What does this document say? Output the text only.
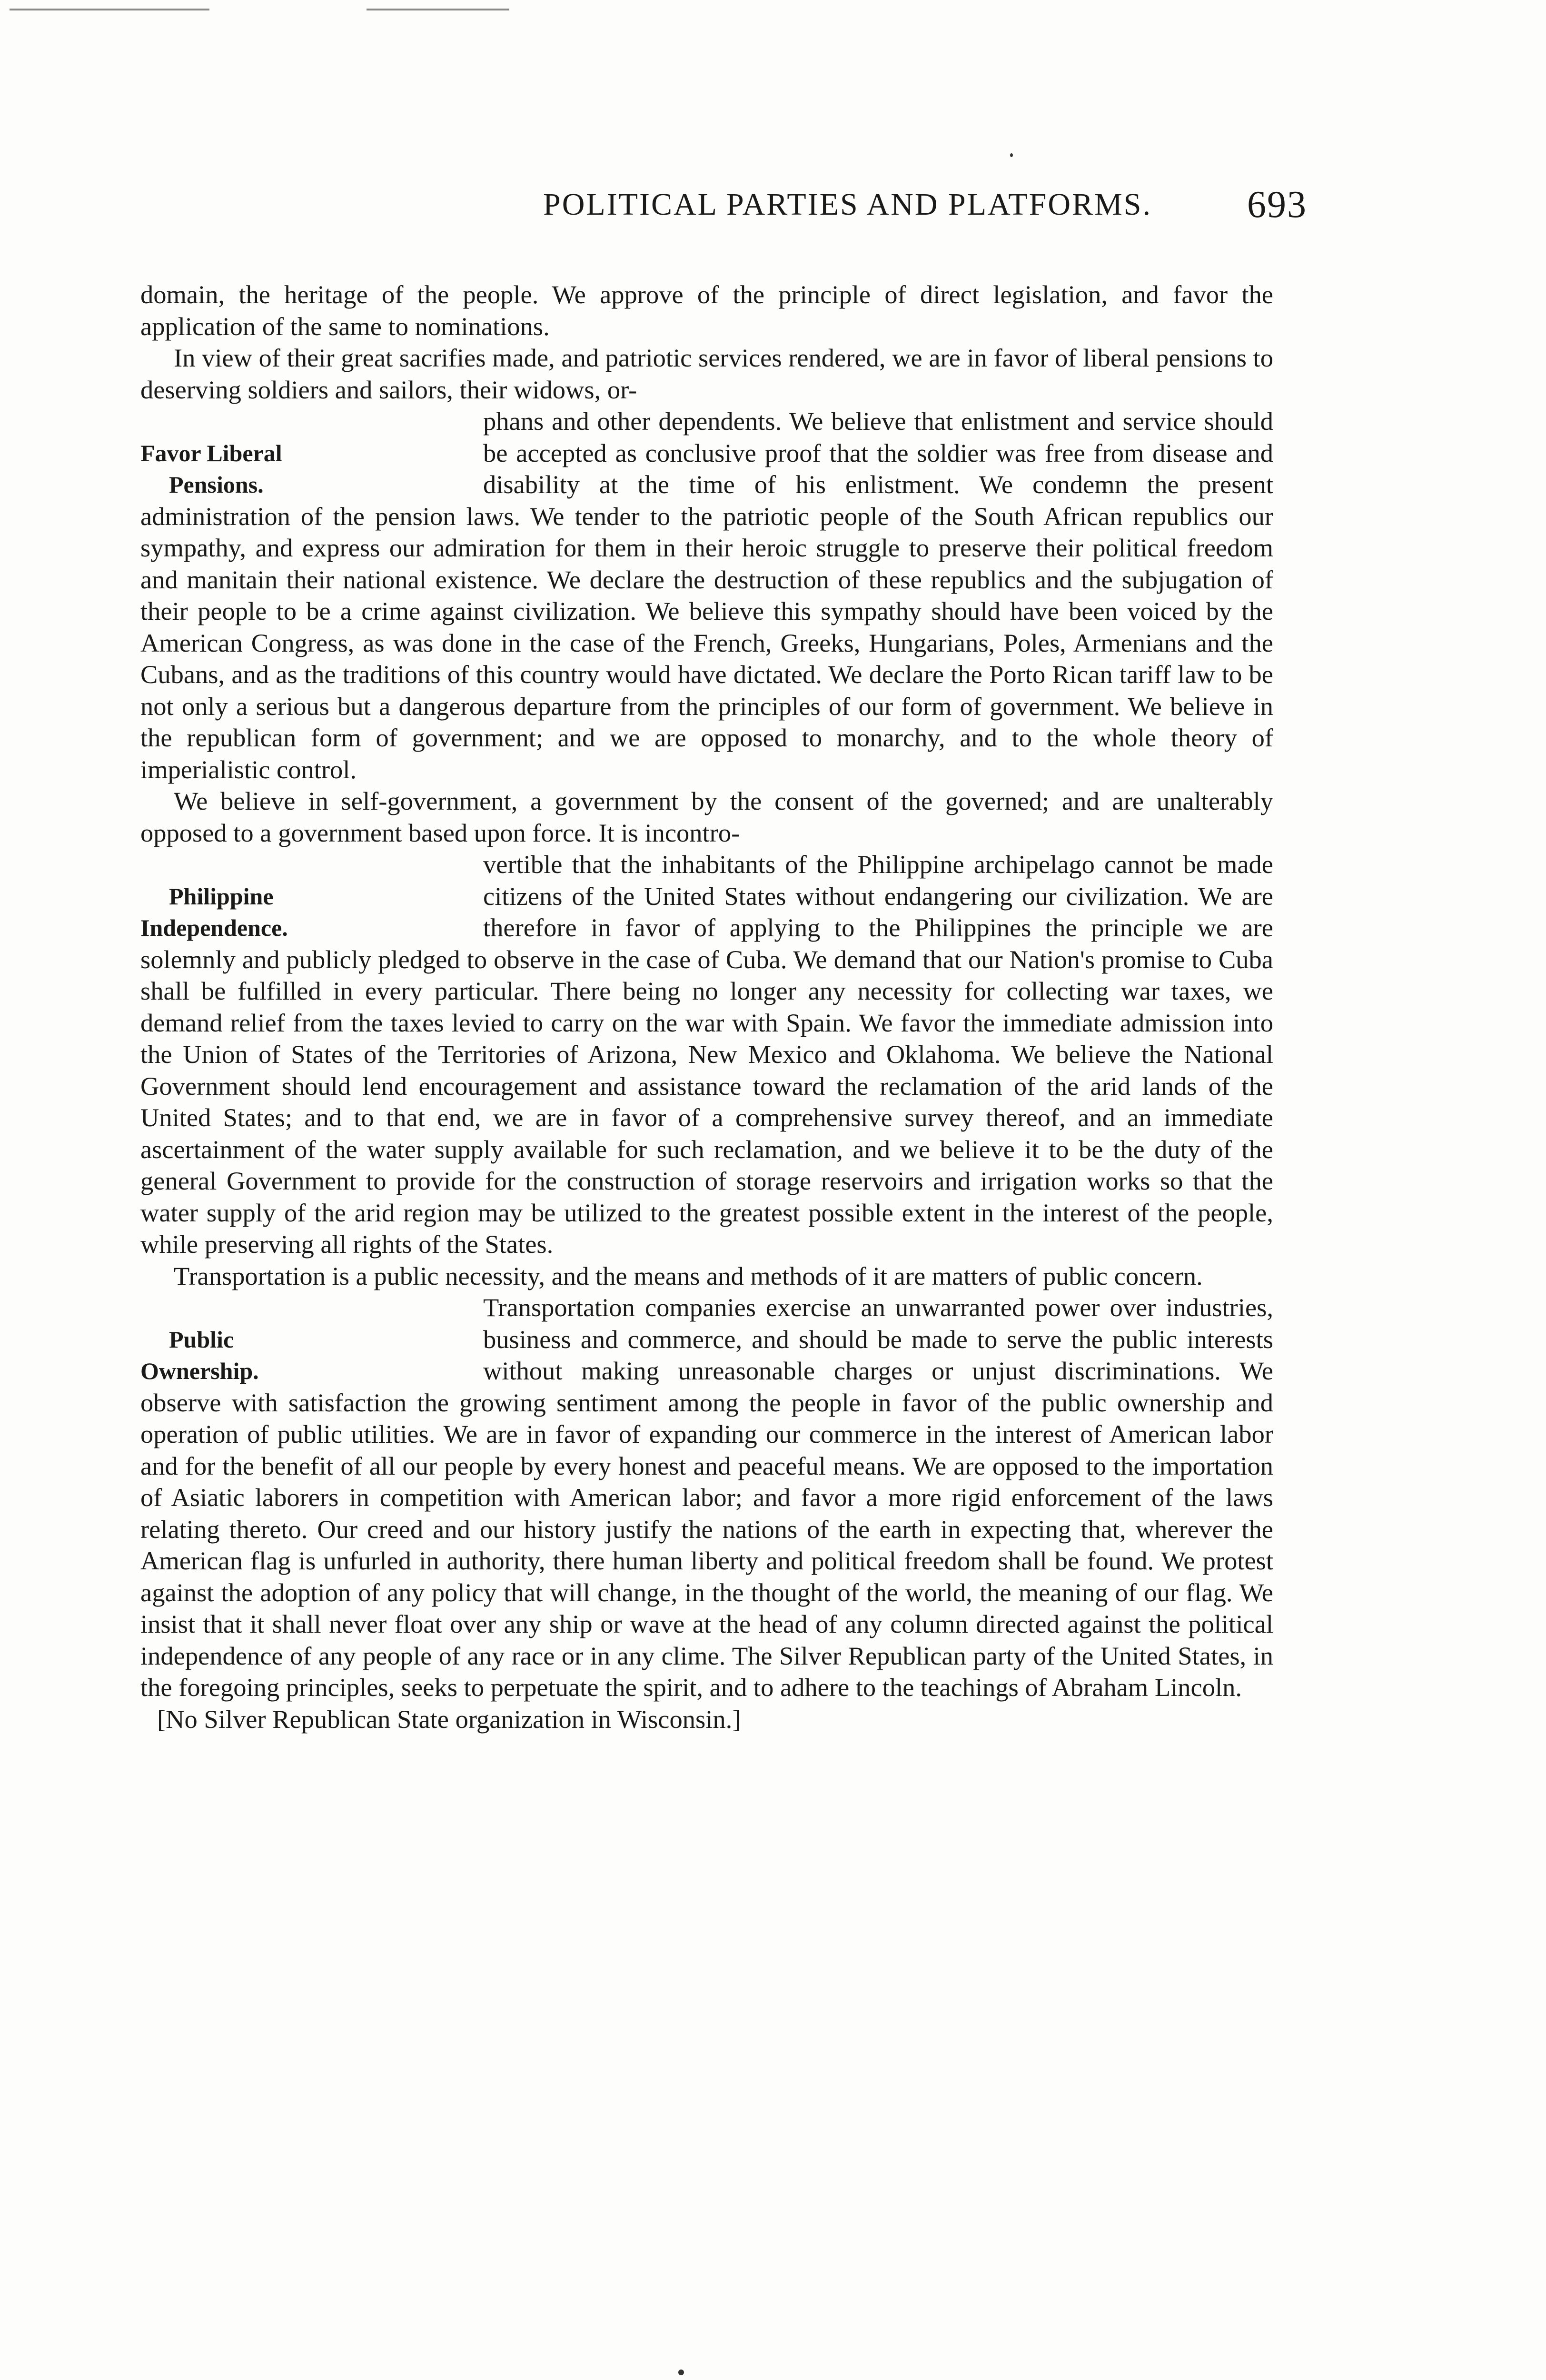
POLITICAL PARTIES AND PLATFORMS.	693

domain, the heritage of the people. We approve of the principle of direct legislation, and favor the application of the same to nominations.

In view of their great sacrifies made, and patriotic services rendered, we are in favor of liberal pensions to deserving soldiers and sailors, their widows, or-

Favor Liberal
Pensions.

phans and other dependents. We believe that enlistment and service should be accepted as conclusive proof that the soldier was free from disease and disability at the time of his enlistment. We condemn the present administration of the pension laws. We tender to the patriotic people of the South African republics our sympathy, and express our admiration for them in their heroic struggle to preserve their political freedom and manitain their national existence. We declare the destruction of these republics and the subjugation of their people to be a crime against civilization. We believe this sympathy should have been voiced by the American Congress, as was done in the case of the French, Greeks, Hungarians, Poles, Armenians and the Cubans, and as the traditions of this country would have dictated. We declare the Porto Rican tariff law to be not only a serious but a dangerous departure from the principles of our form of government. We believe in the republican form of government; and we are opposed to monarchy, and to the whole theory of imperialistic control.

We believe in self-government, a government by the consent of the governed; and are unalterably opposed to a government based upon force. It is incontro-

Philippine
Independence.

vertible that the inhabitants of the Philippine archipelago cannot be made citizens of the United States without endangering our civilization. We are therefore in favor of applying to the Philippines the principle we are solemnly and publicly pledged to observe in the case of Cuba. We demand that our Nation's promise to Cuba shall be fulfilled in every particular. There being no longer any necessity for collecting war taxes, we demand relief from the taxes levied to carry on the war with Spain. We favor the immediate admission into the Union of States of the Territories of Arizona, New Mexico and Oklahoma. We believe the National Government should lend encouragement and assistance toward the reclamation of the arid lands of the United States; and to that end, we are in favor of a comprehensive survey thereof, and an immediate ascertainment of the water supply available for such reclamation, and we believe it to be the duty of the general Government to provide for the construction of storage reservoirs and irrigation works so that the water supply of the arid region may be utilized to the greatest possible extent in the interest of the people, while preserving all rights of the States.

Transportation is a public necessity, and the means and methods of it are matters of public concern.

Public
Ownership.

Transportation companies exercise an unwarranted power over industries, business and commerce, and should be made to serve the public interests without making unreasonable charges or unjust discriminations. We observe with satisfaction the growing sentiment among the people in favor of the public ownership and operation of public utilities. We are in favor of expanding our commerce in the interest of American labor and for the benefit of all our people by every honest and peaceful means. We are opposed to the importation of Asiatic laborers in competition with American labor; and favor a more rigid enforcement of the laws relating thereto. Our creed and our history justify the nations of the earth in expecting that, wherever the American flag is unfurled in authority, there human liberty and political freedom shall be found. We protest against the adoption of any policy that will change, in the thought of the world, the meaning of our flag. We insist that it shall never float over any ship or wave at the head of any column directed against the political independence of any people of any race or in any clime. The Silver Republican party of the United States, in the foregoing principles, seeks to perpetuate the spirit, and to adhere to the teachings of Abraham Lincoln.

[No Silver Republican State organization in Wisconsin.]
